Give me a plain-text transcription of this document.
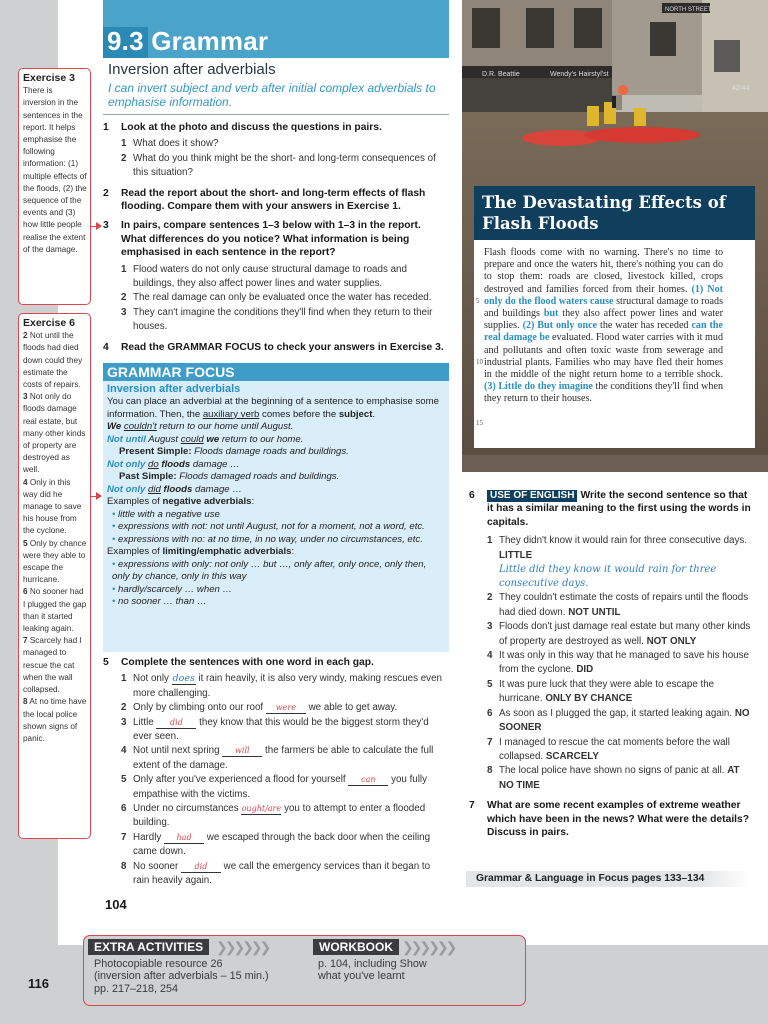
Exercise 3
There is inversion in the sentences in the report. It helps emphasise the following information: (1) multiple effects of the floods, (2) the sequence of the events and (3) how little people realise the extent of the damage.
Exercise 6
2 Not until the floods had died down could they estimate the costs of repairs.
3 Not only do floods damage real estate, but many other kinds of property are destroyed as well.
4 Only in this way did he manage to save his house from the cyclone.
5 Only by chance were they able to escape the hurricane.
6 No sooner had I plugged the gap than it started leaking again.
7 Scarcely had I managed to rescue the cat when the wall collapsed.
8 At no time have the local police shown signs of panic.
9.3 Grammar
Inversion after adverbials
I can invert subject and verb after initial complex adverbials to emphasise information.
1	Look at the photo and discuss the questions in pairs.
1 What does it show?
2 What do you think might be the short- and long-term consequences of this situation?
2	Read the report about the short- and long-term effects of flash flooding. Compare them with your answers in Exercise 1.
3	In pairs, compare sentences 1–3 below with 1–3 in the report. What differences do you notice? What information is being emphasised in each sentence in the report?
1 Flood waters do not only cause structural damage to roads and buildings, they also affect power lines and water supplies.
2 The real damage can only be evaluated once the water has receded.
3 They can't imagine the conditions they'll find when they return to their houses.
4	Read the GRAMMAR FOCUS to check your answers in Exercise 3.
GRAMMAR FOCUS
Inversion after adverbials
You can place an adverbial at the beginning of a sentence to emphasise some information. Then, the auxiliary verb comes before the subject.
We couldn't return to our home until August.
Not until August could we return to our home.
Present Simple: Floods damage roads and buildings.
Not only do floods damage …
Past Simple: Floods damaged roads and buildings.
Not only did floods damage …
Examples of negative adverbials:
• little with a negative use
• expressions with not: not until August, not for a moment, not a word, etc.
• expressions with no: at no time, in no way, under no circumstances, etc.
Examples of limiting/emphatic adverbials:
• expressions with only: not only … but …, only after, only once, only then, only by chance, only in this way
• hardly/scarcely … when …
• no sooner … than …
5	Complete the sentences with one word in each gap.
1 Not only does it rain heavily, it is also very windy, making rescues even more challenging.
2 Only by climbing onto our roof were we able to get away.
3 Little did they know that this would be the biggest storm they'd ever seen.
4 Not until next spring will the farmers be able to calculate the full extent of the damage.
5 Only after you've experienced a flood for yourself can you fully empathise with the victims.
6 Under no circumstances ought/are you to attempt to enter a flooded building.
7 Hardly had we escaped through the back door when the ceiling came down.
8 No sooner did we call the emergency services than it began to rain heavily again.
104
D.R. Beattie	Wendy's Hairstyl'st
42/44
NORTH STREET
The Devastating Effects of Flash Floods
5
10
15
Flash floods come with no warning. There's no time to prepare and once the waters hit, there's nothing you can do to stop them: roads are closed, livestock killed, crops destroyed and families forced from their homes. (1) Not only do the flood waters cause structural damage to roads and buildings but they also affect power lines and water supplies. (2) But only once the water has receded can the real damage be evaluated. Flood water carries with it mud and pollutants and often toxic waste from sewerage and industrial plants. Families who may have fled their homes in the middle of the night return home to a terrible shock. (3) Little do they imagine the conditions they'll find when they return to their houses.
6	USE OF ENGLISH Write the second sentence so that it has a similar meaning to the first using the words in capitals.
1 They didn't know it would rain for three consecutive days. LITTLE
Little did they know it would rain for three consecutive days.
2 They couldn't estimate the costs of repairs until the floods had died down. NOT UNTIL
3 Floods don't just damage real estate but many other kinds of property are destroyed as well. NOT ONLY
4 It was only in this way that he managed to save his house from the cyclone. DID
5 It was pure luck that they were able to escape the hurricane. ONLY BY CHANCE
6 As soon as I plugged the gap, it started leaking again. NO SOONER
7 I managed to rescue the cat moments before the wall collapsed. SCARCELY
8 The local police have shown no signs of panic at all. AT NO TIME
7	What are some recent examples of extreme weather which have been in the news? What were the details? Discuss in pairs.
Grammar & Language in Focus pages 133–134
EXTRA ACTIVITIES ❯❯❯❯❯❯
Photocopiable resource 26
(inversion after adverbials – 15 min.)
pp. 217–218, 254
WORKBOOK ❯❯❯❯❯❯
p. 104, including Show
what you've learnt
116
